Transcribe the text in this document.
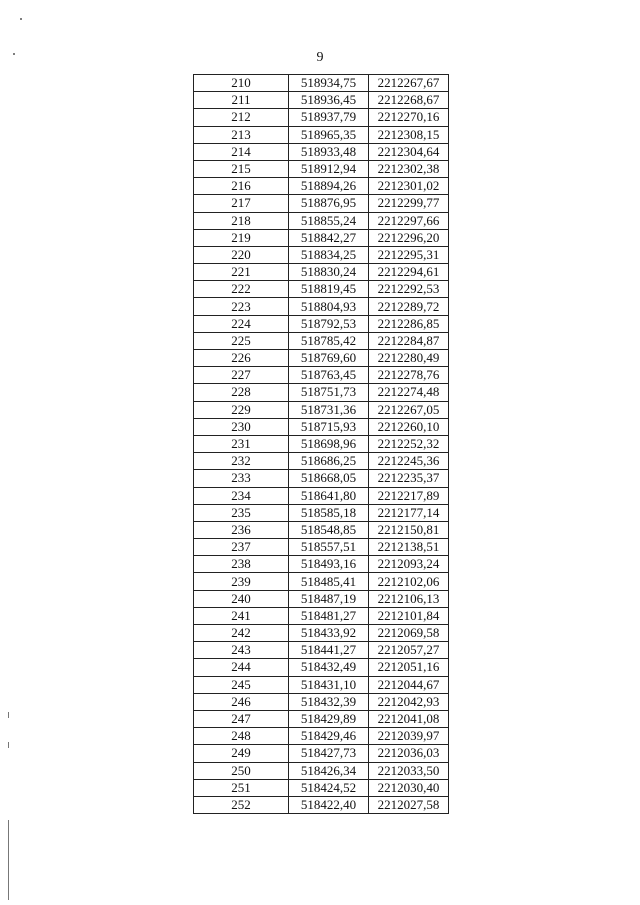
9
210	518934,75	2212267,67
211	518936,45	2212268,67
212	518937,79	2212270,16
213	518965,35	2212308,15
214	518933,48	2212304,64
215	518912,94	2212302,38
216	518894,26	2212301,02
217	518876,95	2212299,77
218	518855,24	2212297,66
219	518842,27	2212296,20
220	518834,25	2212295,31
221	518830,24	2212294,61
222	518819,45	2212292,53
223	518804,93	2212289,72
224	518792,53	2212286,85
225	518785,42	2212284,87
226	518769,60	2212280,49
227	518763,45	2212278,76
228	518751,73	2212274,48
229	518731,36	2212267,05
230	518715,93	2212260,10
231	518698,96	2212252,32
232	518686,25	2212245,36
233	518668,05	2212235,37
234	518641,80	2212217,89
235	518585,18	2212177,14
236	518548,85	2212150,81
237	518557,51	2212138,51
238	518493,16	2212093,24
239	518485,41	2212102,06
240	518487,19	2212106,13
241	518481,27	2212101,84
242	518433,92	2212069,58
243	518441,27	2212057,27
244	518432,49	2212051,16
245	518431,10	2212044,67
246	518432,39	2212042,93
247	518429,89	2212041,08
248	518429,46	2212039,97
249	518427,73	2212036,03
250	518426,34	2212033,50
251	518424,52	2212030,40
252	518422,40	2212027,58
